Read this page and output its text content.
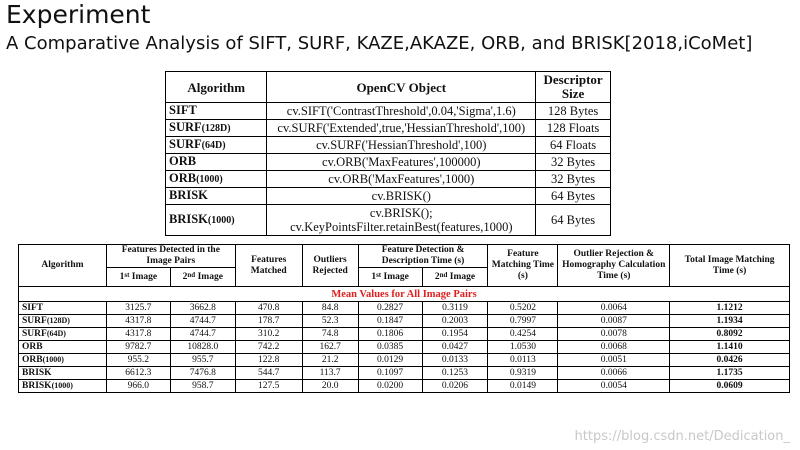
Experiment
A Comparative Analysis of SIFT, SURF, KAZE,AKAZE, ORB, and BRISK[2018,iCoMet]
Algorithm	OpenCV Object	Descriptor Size
SIFT	cv.SIFT('ContrastThreshold',0.04,'Sigma',1.6)	128 Bytes
SURF(128D)	cv.SURF('Extended',true,'HessianThreshold',100)	128 Floats
SURF(64D)	cv.SURF('HessianThreshold',100)	64 Floats
ORB	cv.ORB('MaxFeatures',100000)	32 Bytes
ORB(1000)	cv.ORB('MaxFeatures',1000)	32 Bytes
BRISK	cv.BRISK()	64 Bytes
BRISK(1000)	cv.BRISK();
cv.KeyPointsFilter.retainBest(features,1000)	64 Bytes
Algorithm	Features Detected in the Image Pairs		Features Matched	Outliers Rejected	Feature Detection & Description Time (s)		Feature Matching Time (s)	Outlier Rejection & Homography Calculation Time (s)	Total Image Matching Time (s)
	1st Image	2nd Image			1st Image	2nd Image			
Mean Values for All Image Pairs									
SIFT	3125.7	3662.8	470.8	84.8	0.2827	0.3119	0.5202	0.0064	1.1212
SURF(128D)	4317.8	4744.7	178.7	52.3	0.1847	0.2003	0.7997	0.0087	1.1934
SURF(64D)	4317.8	4744.7	310.2	74.8	0.1806	0.1954	0.4254	0.0078	0.8092
ORB	9782.7	10828.0	742.2	162.7	0.0385	0.0427	1.0530	0.0068	1.1410
ORB(1000)	955.2	955.7	122.8	21.2	0.0129	0.0133	0.0113	0.0051	0.0426
BRISK	6612.3	7476.8	544.7	113.7	0.1097	0.1253	0.9319	0.0066	1.1735
BRISK(1000)	966.0	958.7	127.5	20.0	0.0200	0.0206	0.0149	0.0054	0.0609
https://blog.csdn.net/Dedication_
